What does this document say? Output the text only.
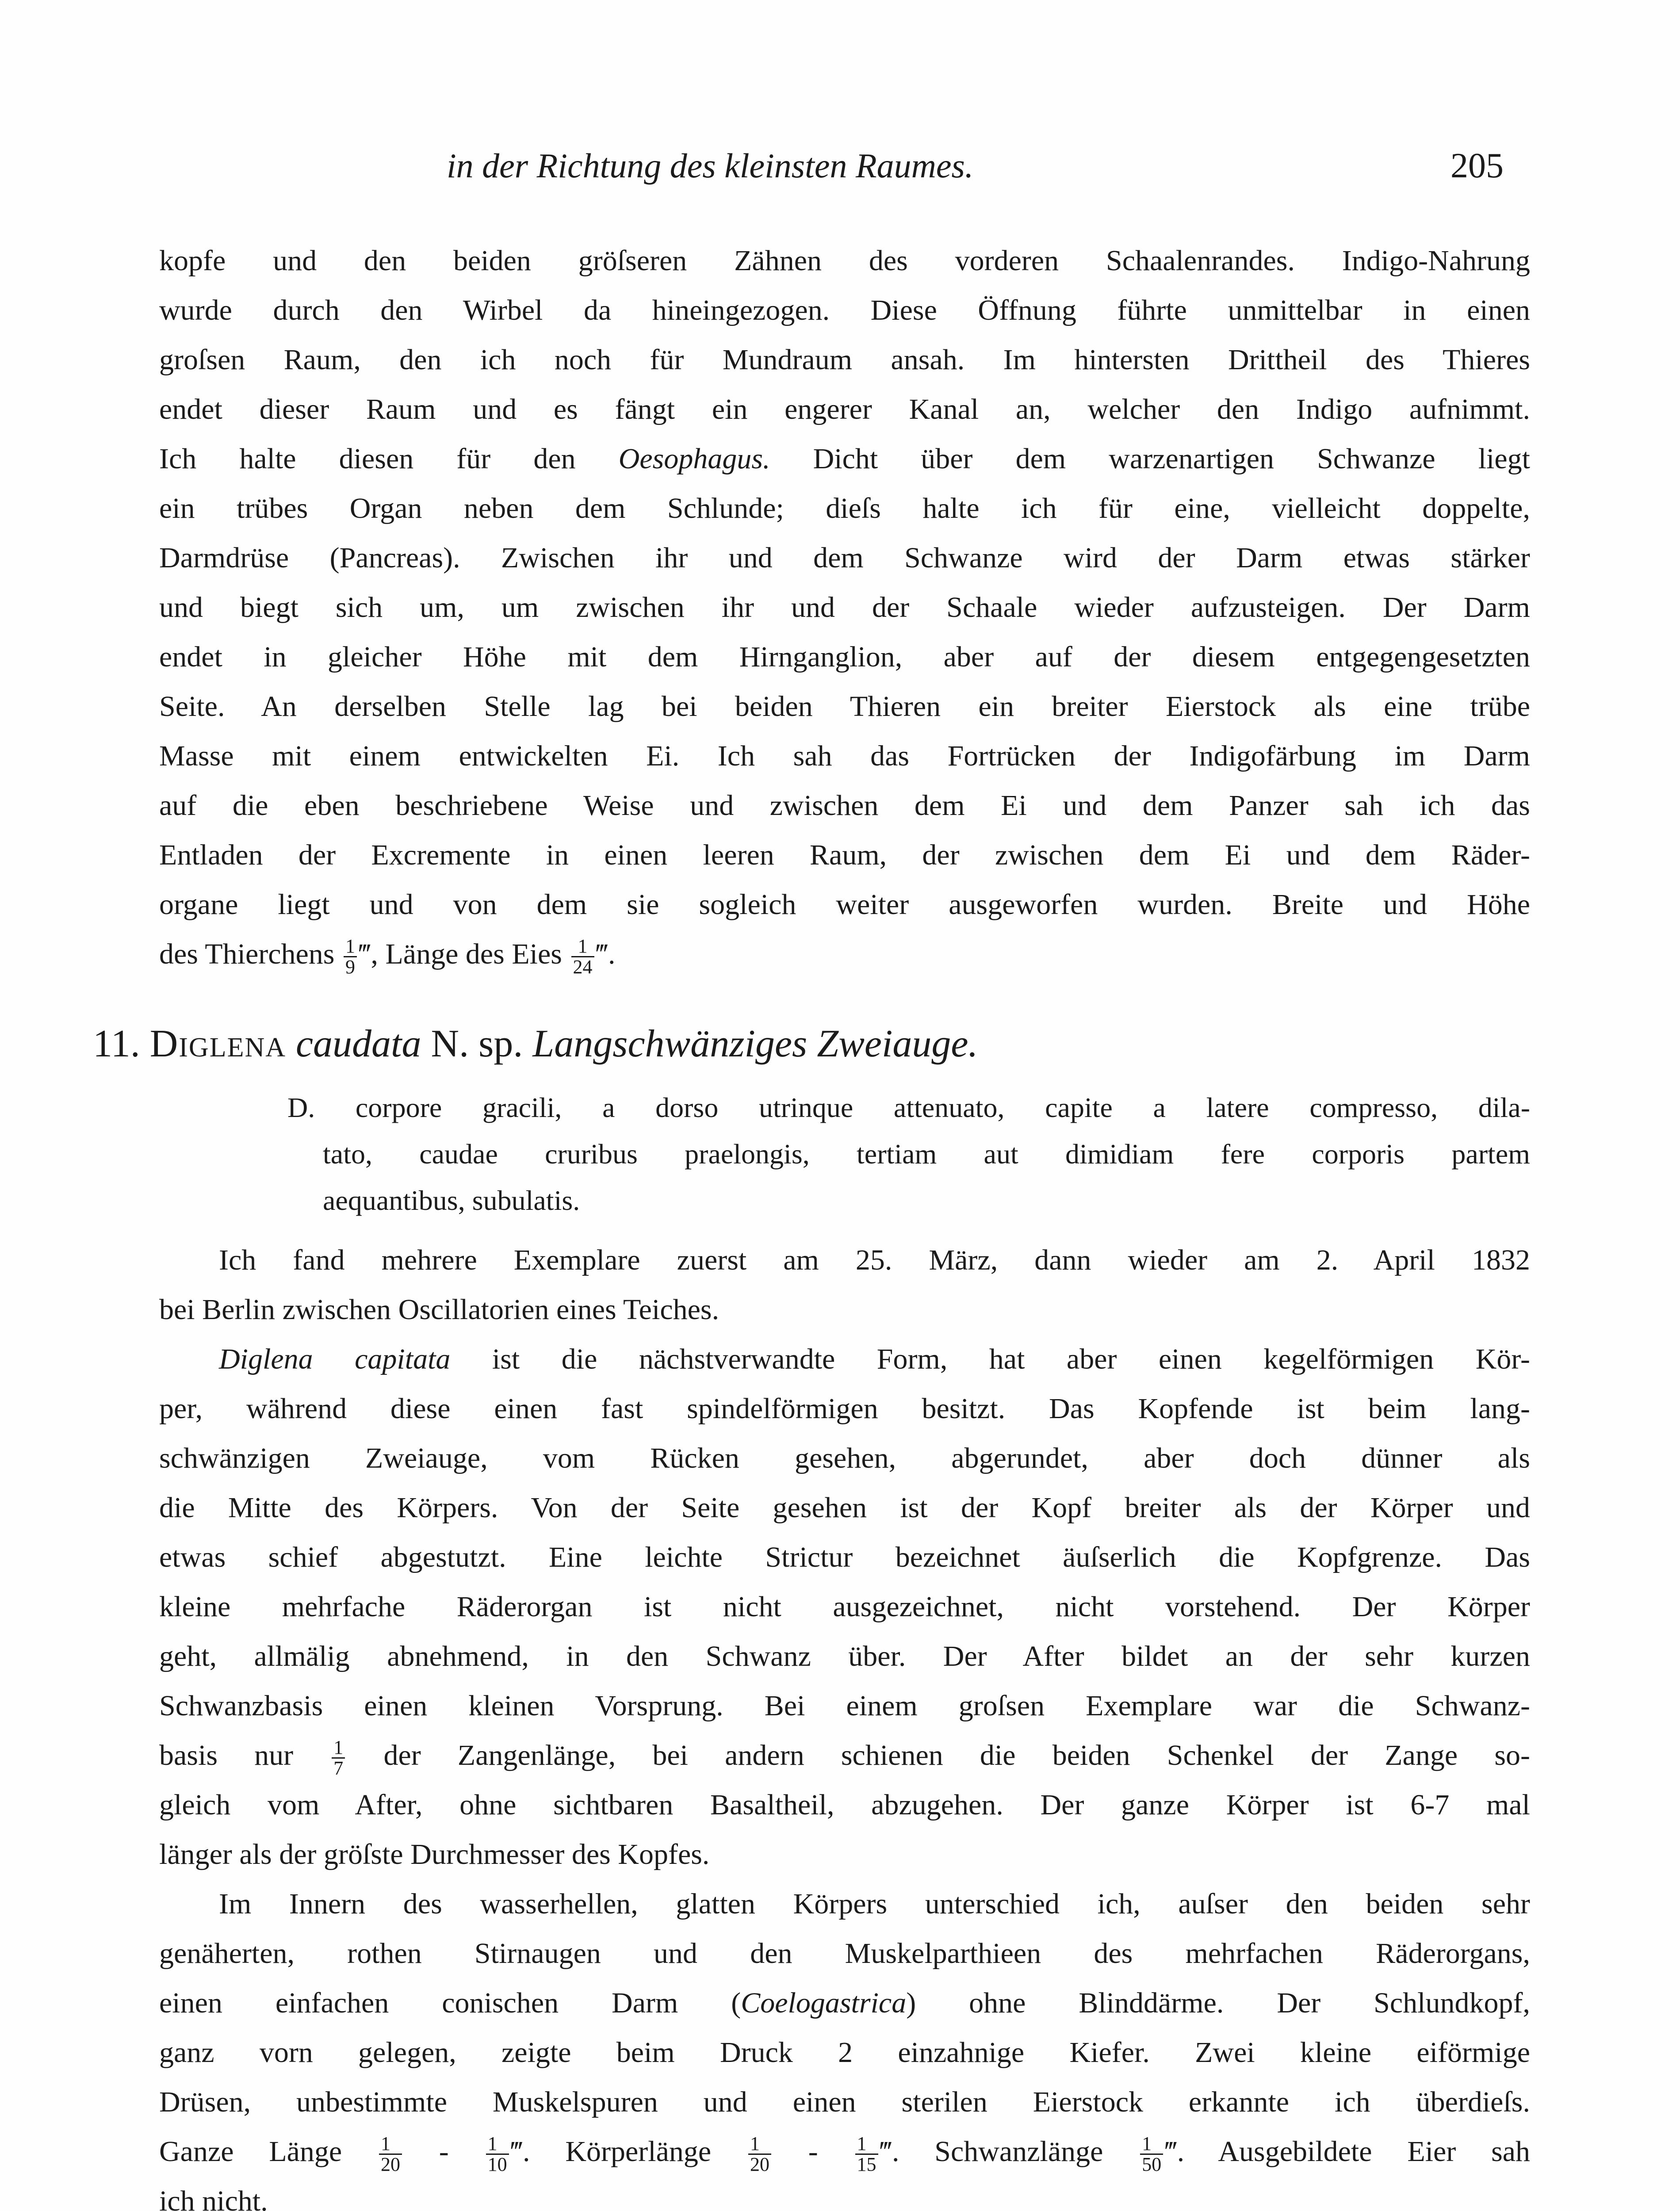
in der Richtung des kleinsten Raumes.	205
kopfe und den beiden gröſseren Zähnen des vorderen Schaalenrandes. Indigo-Nahrung
wurde durch den Wirbel da hineingezogen. Diese Öffnung führte unmittelbar in einen
groſsen Raum, den ich noch für Mundraum ansah. Im hintersten Drittheil des Thieres
endet dieser Raum und es fängt ein engerer Kanal an, welcher den Indigo aufnimmt.
Ich halte diesen für den Oesophagus. Dicht über dem warzenartigen Schwanze liegt
ein trübes Organ neben dem Schlunde; dieſs halte ich für eine, vielleicht doppelte,
Darmdrüse (Pancreas). Zwischen ihr und dem Schwanze wird der Darm etwas stärker
und biegt sich um, um zwischen ihr und der Schaale wieder aufzusteigen. Der Darm
endet in gleicher Höhe mit dem Hirnganglion, aber auf der diesem entgegengesetzten
Seite. An derselben Stelle lag bei beiden Thieren ein breiter Eierstock als eine trübe
Masse mit einem entwickelten Ei. Ich sah das Fortrücken der Indigofärbung im Darm
auf die eben beschriebene Weise und zwischen dem Ei und dem Panzer sah ich das
Entladen der Excremente in einen leeren Raum, der zwischen dem Ei und dem Räder-
organe liegt und von dem sie sogleich weiter ausgeworfen wurden. Breite und Höhe
des Thierchens $\frac{1}{9}$ ‴, Länge des Eies $\frac{1}{24}$ ‴.
11. Diglena caudata N. sp. Langschwänziges Zweiauge.
D. corpore gracili, a dorso utrinque attenuato, capite a latere compresso, dila-
tato, caudae cruribus praelongis, tertiam aut dimidiam fere corporis partem
aequantibus, subulatis.
Ich fand mehrere Exemplare zuerst am 25. März, dann wieder am 2. April 1832
bei Berlin zwischen Oscillatorien eines Teiches.
Diglena capitata ist die nächstverwandte Form, hat aber einen kegelförmigen Kör-
per, während diese einen fast spindelförmigen besitzt. Das Kopfende ist beim lang-
schwänzigen Zweiauge, vom Rücken gesehen, abgerundet, aber doch dünner als
die Mitte des Körpers. Von der Seite gesehen ist der Kopf breiter als der Körper und
etwas schief abgestutzt. Eine leichte Strictur bezeichnet äuſserlich die Kopfgrenze. Das
kleine mehrfache Räderorgan ist nicht ausgezeichnet, nicht vorstehend. Der Körper
geht, allmälig abnehmend, in den Schwanz über. Der After bildet an der sehr kurzen
Schwanzbasis einen kleinen Vorsprung. Bei einem groſsen Exemplare war die Schwanz-
basis nur $\frac{1}{7}$ der Zangenlänge, bei andern schienen die beiden Schenkel der Zange so-
gleich vom After, ohne sichtbaren Basaltheil, abzugehen. Der ganze Körper ist 6-7 mal
länger als der gröſste Durchmesser des Kopfes.
Im Innern des wasserhellen, glatten Körpers unterschied ich, auſser den beiden sehr
genäherten, rothen Stirnaugen und den Muskelparthieen des mehrfachen Räderorgans,
einen einfachen conischen Darm (Coelogastrica) ohne Blinddärme. Der Schlundkopf,
ganz vorn gelegen, zeigte beim Druck 2 einzahnige Kiefer. Zwei kleine eiförmige
Drüsen, unbestimmte Muskelspuren und einen sterilen Eierstock erkannte ich überdieſs.
Ganze Länge $\frac{1}{20} - \frac{1}{10}$ ‴. Körperlänge $\frac{1}{20} - \frac{1}{15}$ ‴. Schwanzlänge $\frac{1}{50}$ ‴. Ausgebildete Eier sah
ich nicht.
